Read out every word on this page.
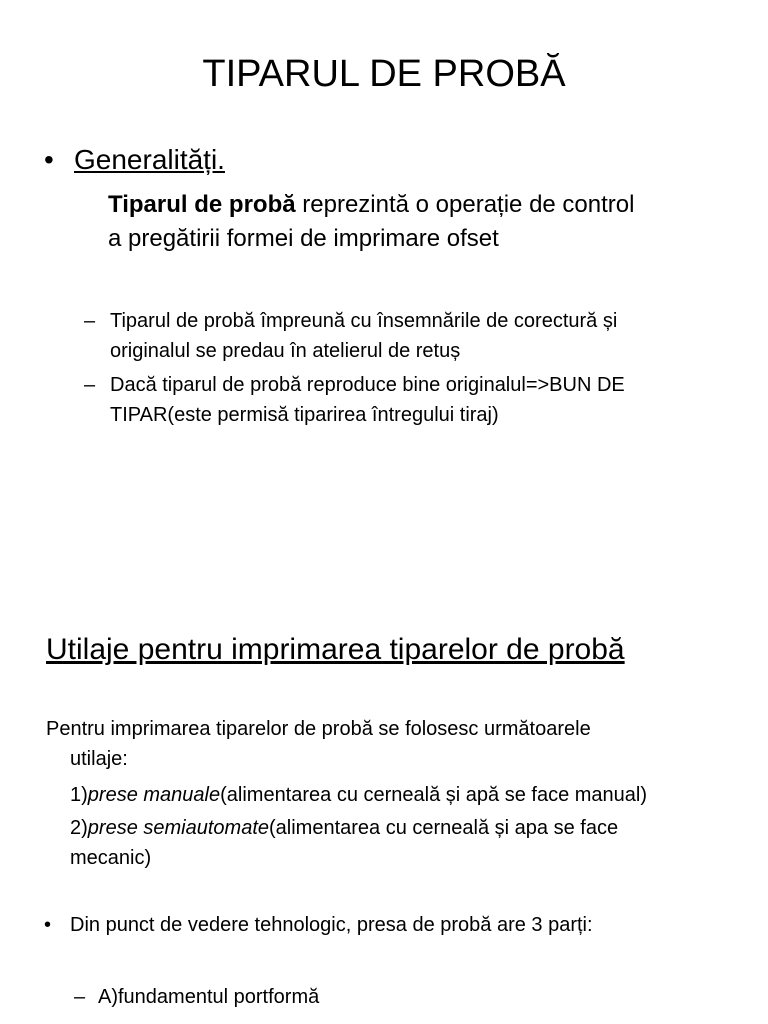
TIPARUL DE PROBĂ
• Generalități.
Tiparul de probă reprezintă o operație de control
a pregătirii formei de imprimare ofset
– Tiparul de probă împreună cu însemnările de corectură și
originalul se predau în atelierul de retuș
– Dacă tiparul de probă reproduce bine originalul=>BUN DE
TIPAR(este permisă tiparirea întregului tiraj)
Utilaje pentru imprimarea tiparelor de probă
Pentru imprimarea tiparelor de probă se folosesc următoarele
utilaje:
1)prese manuale(alimentarea cu cerneală și apă se face manual)
2)prese semiautomate(alimentarea cu cerneală și apa se face
mecanic)
• Din punct de vedere tehnologic, presa de probă are 3 parți:
– A)fundamentul portformă
